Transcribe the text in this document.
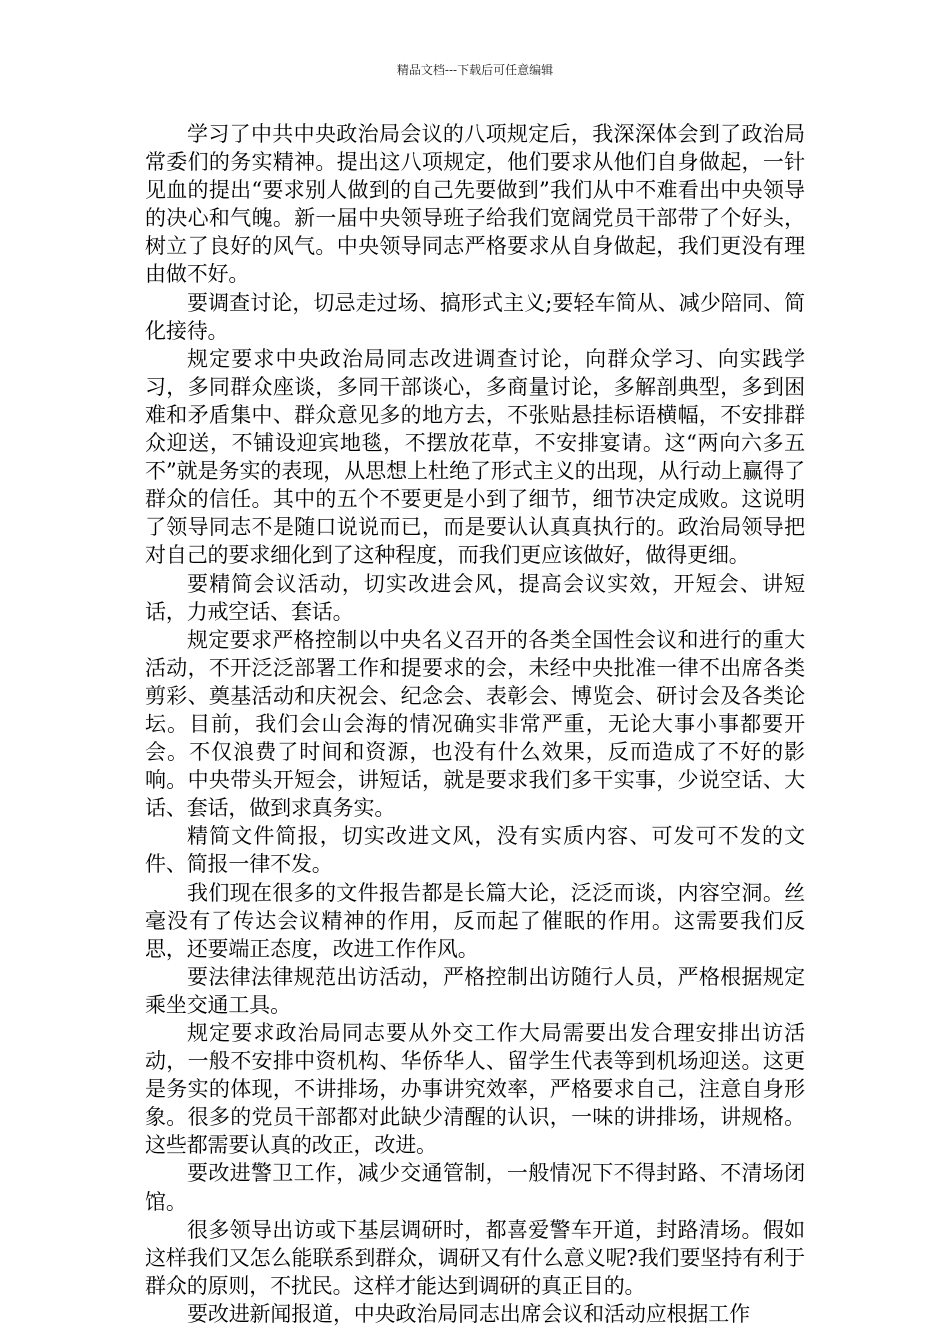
精品文档---下载后可任意编辑

学习了中共中央政治局会议的八项规定后，我深深体会到了政治局常委们的务实精神。提出这八项规定，他们要求从他们自身做起，一针见血的提出“要求别人做到的自己先要做到”我们从中不难看出中央领导的决心和气魄。新一届中央领导班子给我们宽阔党员干部带了个好头，树立了良好的风气。中央领导同志严格要求从自身做起，我们更没有理由做不好。

要调查讨论，切忌走过场、搞形式主义;要轻车简从、减少陪同、简化接待。

规定要求中央政治局同志改进调查讨论，向群众学习、向实践学习，多同群众座谈，多同干部谈心，多商量讨论，多解剖典型，多到困难和矛盾集中、群众意见多的地方去，不张贴悬挂标语横幅，不安排群众迎送，不铺设迎宾地毯，不摆放花草，不安排宴请。这“两向六多五不”就是务实的表现，从思想上杜绝了形式主义的出现，从行动上赢得了群众的信任。其中的五个不要更是小到了细节，细节决定成败。这说明了领导同志不是随口说说而已，而是要认认真真执行的。政治局领导把对自己的要求细化到了这种程度，而我们更应该做好，做得更细。

要精简会议活动，切实改进会风，提高会议实效，开短会、讲短话，力戒空话、套话。

规定要求严格控制以中央名义召开的各类全国性会议和进行的重大活动，不开泛泛部署工作和提要求的会，未经中央批准一律不出席各类剪彩、奠基活动和庆祝会、纪念会、表彰会、博览会、研讨会及各类论坛。目前，我们会山会海的情况确实非常严重，无论大事小事都要开会。不仅浪费了时间和资源，也没有什么效果，反而造成了不好的影响。中央带头开短会，讲短话，就是要求我们多干实事，少说空话、大话、套话，做到求真务实。

精简文件简报，切实改进文风，没有实质内容、可发可不发的文件、简报一律不发。

我们现在很多的文件报告都是长篇大论，泛泛而谈，内容空洞。丝毫没有了传达会议精神的作用，反而起了催眠的作用。这需要我们反思，还要端正态度，改进工作作风。

要法律法律规范出访活动，严格控制出访随行人员，严格根据规定乘坐交通工具。

规定要求政治局同志要从外交工作大局需要出发合理安排出访活动，一般不安排中资机构、华侨华人、留学生代表等到机场迎送。这更是务实的体现，不讲排场，办事讲究效率，严格要求自己，注意自身形象。很多的党员干部都对此缺少清醒的认识，一味的讲排场，讲规格。这些都需要认真的改正，改进。

要改进警卫工作，减少交通管制，一般情况下不得封路、不清场闭馆。

很多领导出访或下基层调研时，都喜爱警车开道，封路清场。假如这样我们又怎么能联系到群众，调研又有什么意义呢?我们要坚持有利于群众的原则，不扰民。这样才能达到调研的真正目的。

要改进新闻报道，中央政治局同志出席会议和活动应根据工作
